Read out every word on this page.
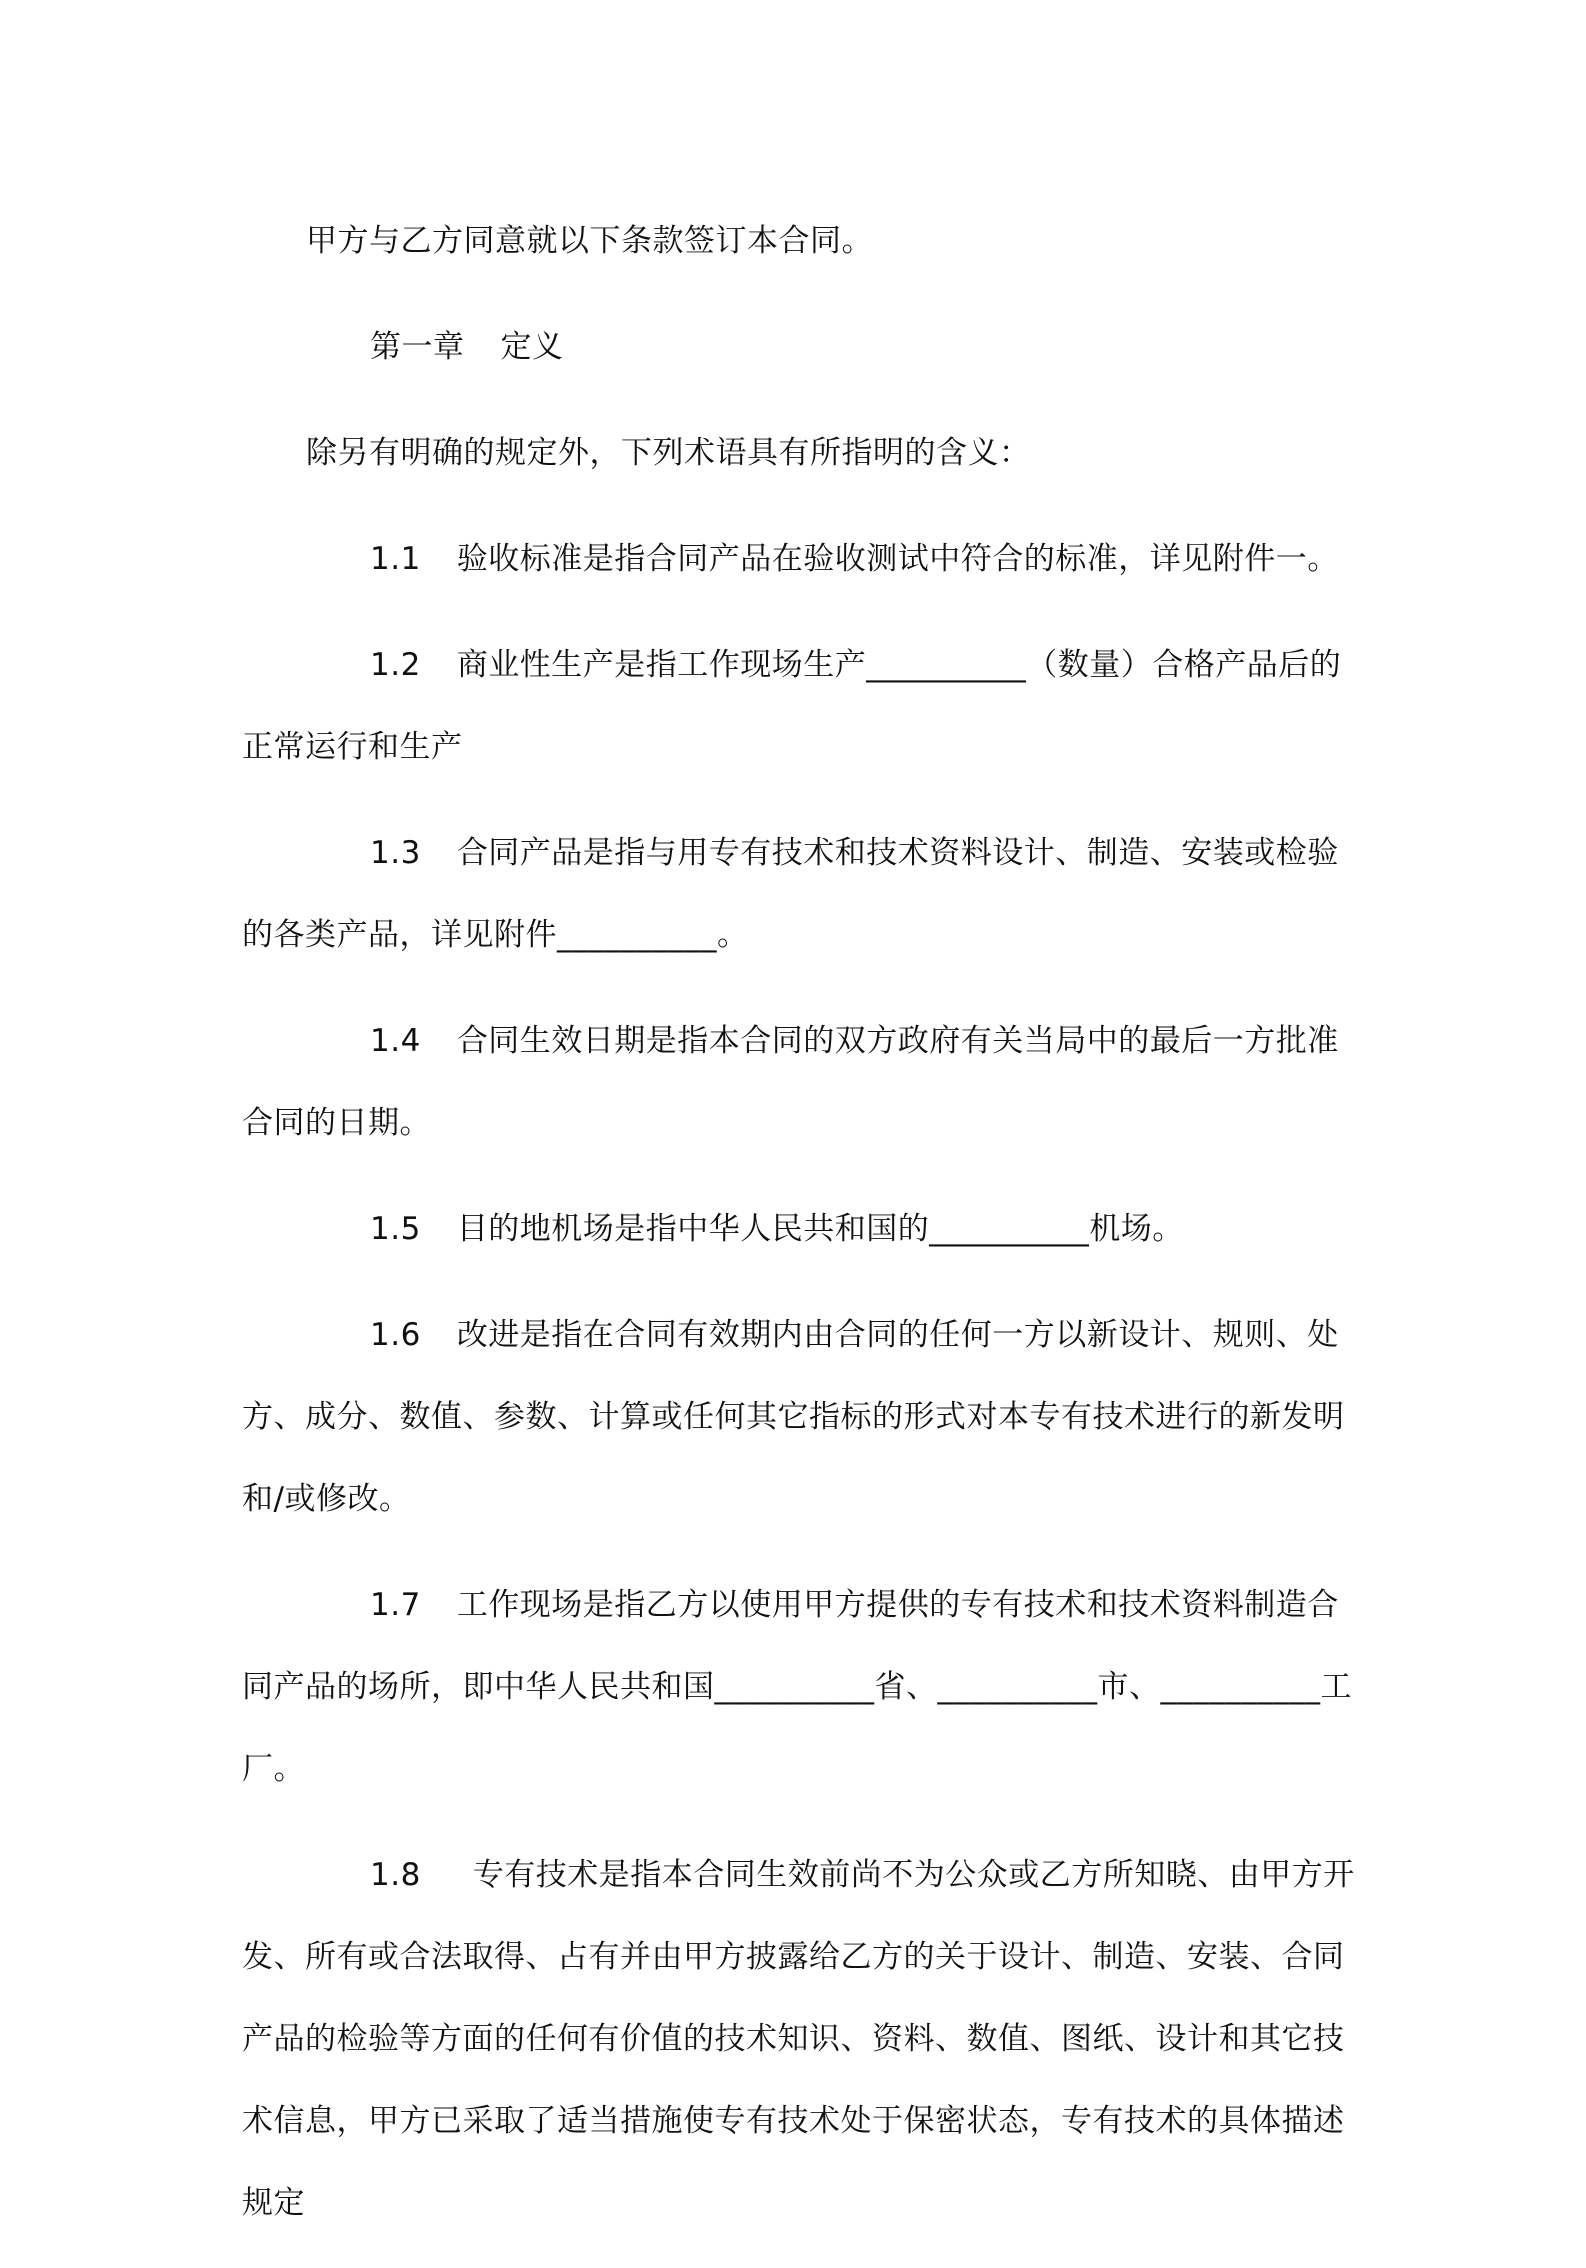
甲方与乙方同意就以下条款签订本合同。

第一章 定义

除另有明确的规定外，下列术语具有所指明的含义：

1.1 验收标准是指合同产品在验收测试中符合的标准，详见附件一。

1.2 商业性生产是指工作现场生产__________（数量）合格产品后的正常运行和生产

1.3 合同产品是指与用专有技术和技术资料设计、制造、安装或检验的各类产品，详见附件__________。

1.4 合同生效日期是指本合同的双方政府有关当局中的最后一方批准合同的日期。

1.5 目的地机场是指中华人民共和国的__________机场。

1.6 改进是指在合同有效期内由合同的任何一方以新设计、规则、处方、成分、数值、参数、计算或任何其它指标的形式对本专有技术进行的新发明和/或修改。

1.7 工作现场是指乙方以使用甲方提供的专有技术和技术资料制造合同产品的场所，即中华人民共和国__________省、__________市、__________工厂。

1.8 专有技术是指本合同生效前尚不为公众或乙方所知晓、由甲方开发、所有或合法取得、占有并由甲方披露给乙方的关于设计、制造、安装、合同产品的检验等方面的任何有价值的技术知识、资料、数值、图纸、设计和其它技术信息，甲方已采取了适当措施使专有技术处于保密状态，专有技术的具体描述规定
